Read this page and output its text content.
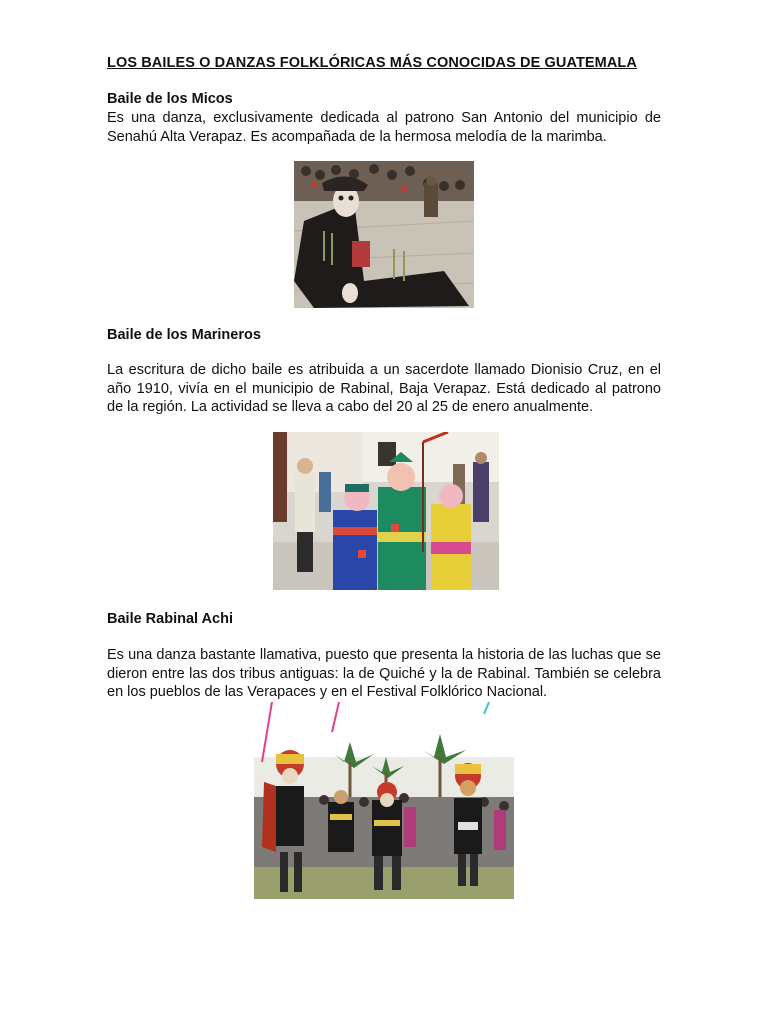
LOS BAILES O DANZAS FOLKLÓRICAS MÁS CONOCIDAS DE GUATEMALA
Baile de los Micos
Es una danza, exclusivamente dedicada al patrono San Antonio del municipio de Senahú Alta Verapaz. Es acompañada de la hermosa melodía de la marimba.
Baile de los Marineros
La escritura de dicho baile es atribuida a un sacerdote llamado Dionisio Cruz, en el año 1910, vivía en el municipio de Rabinal, Baja Verapaz. Está dedicado al patrono de la región. La actividad se lleva a cabo del 20 al 25 de enero anualmente.
Baile Rabinal Achi
Es una danza bastante llamativa, puesto que presenta la historia de las luchas que se dieron entre las dos tribus antiguas: la de Quiché y la de Rabinal. También se celebra en los pueblos de las Verapaces y en el Festival Folklórico Nacional.
